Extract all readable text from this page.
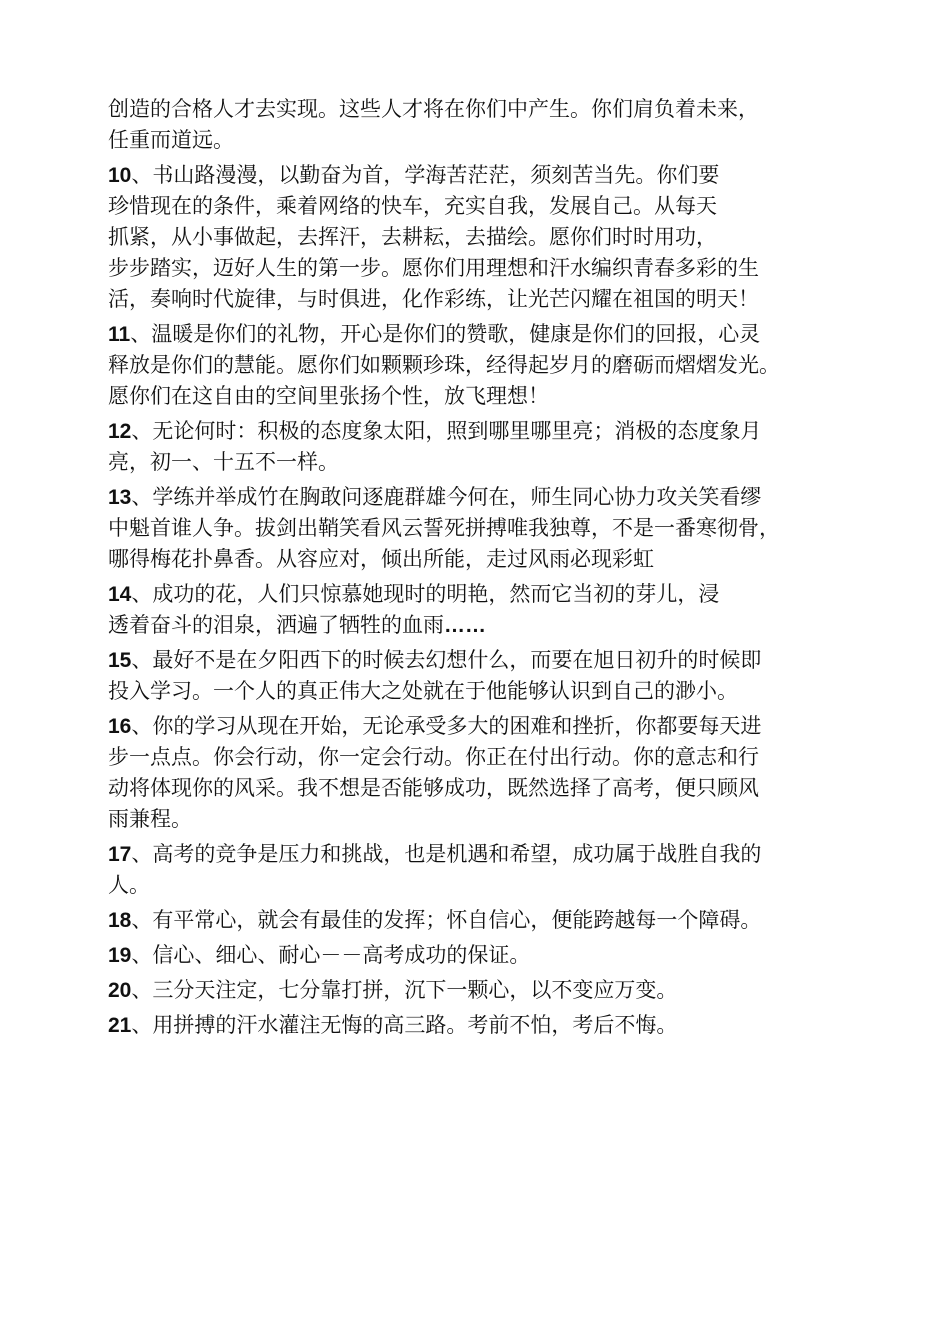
创造的合格人才去实现。这些人才将在你们中产生。你们肩负着未来，
任重而道远。
10、书山路漫漫，以勤奋为首，学海苦茫茫，须刻苦当先。你们要
珍惜现在的条件，乘着网络的快车，充实自我，发展自己。从每天
抓紧，从小事做起，去挥汗，去耕耘，去描绘。愿你们时时用功，
步步踏实，迈好人生的第一步。愿你们用理想和汗水编织青春多彩的生
活，奏响时代旋律，与时俱进，化作彩练，让光芒闪耀在祖国的明天！
11、温暖是你们的礼物，开心是你们的赞歌，健康是你们的回报，心灵
释放是你们的慧能。愿你们如颗颗珍珠，经得起岁月的磨砺而熠熠发光。
愿你们在这自由的空间里张扬个性，放飞理想！
12、无论何时：积极的态度象太阳，照到哪里哪里亮；消极的态度象月
亮，初一、十五不一样。
13、学练并举成竹在胸敢问逐鹿群雄今何在，师生同心协力攻关笑看缪
中魁首谁人争。拔剑出鞘笑看风云誓死拼搏唯我独尊，不是一番寒彻骨，
哪得梅花扑鼻香。从容应对，倾出所能，走过风雨必现彩虹
14、成功的花，人们只惊慕她现时的明艳，然而它当初的芽儿，浸
透着奋斗的泪泉，洒遍了牺牲的血雨……
15、最好不是在夕阳西下的时候去幻想什么，而要在旭日初升的时候即
投入学习。一个人的真正伟大之处就在于他能够认识到自己的渺小。
16、你的学习从现在开始，无论承受多大的困难和挫折，你都要每天进
步一点点。你会行动，你一定会行动。你正在付出行动。你的意志和行
动将体现你的风采。我不想是否能够成功，既然选择了高考，便只顾风
雨兼程。
17、高考的竞争是压力和挑战，也是机遇和希望，成功属于战胜自我的
人。
18、有平常心，就会有最佳的发挥；怀自信心，便能跨越每一个障碍。
19、信心、细心、耐心－－高考成功的保证。
20、三分天注定，七分靠打拼，沉下一颗心，以不变应万变。
21、用拼搏的汗水灌注无悔的高三路。考前不怕，考后不悔。
